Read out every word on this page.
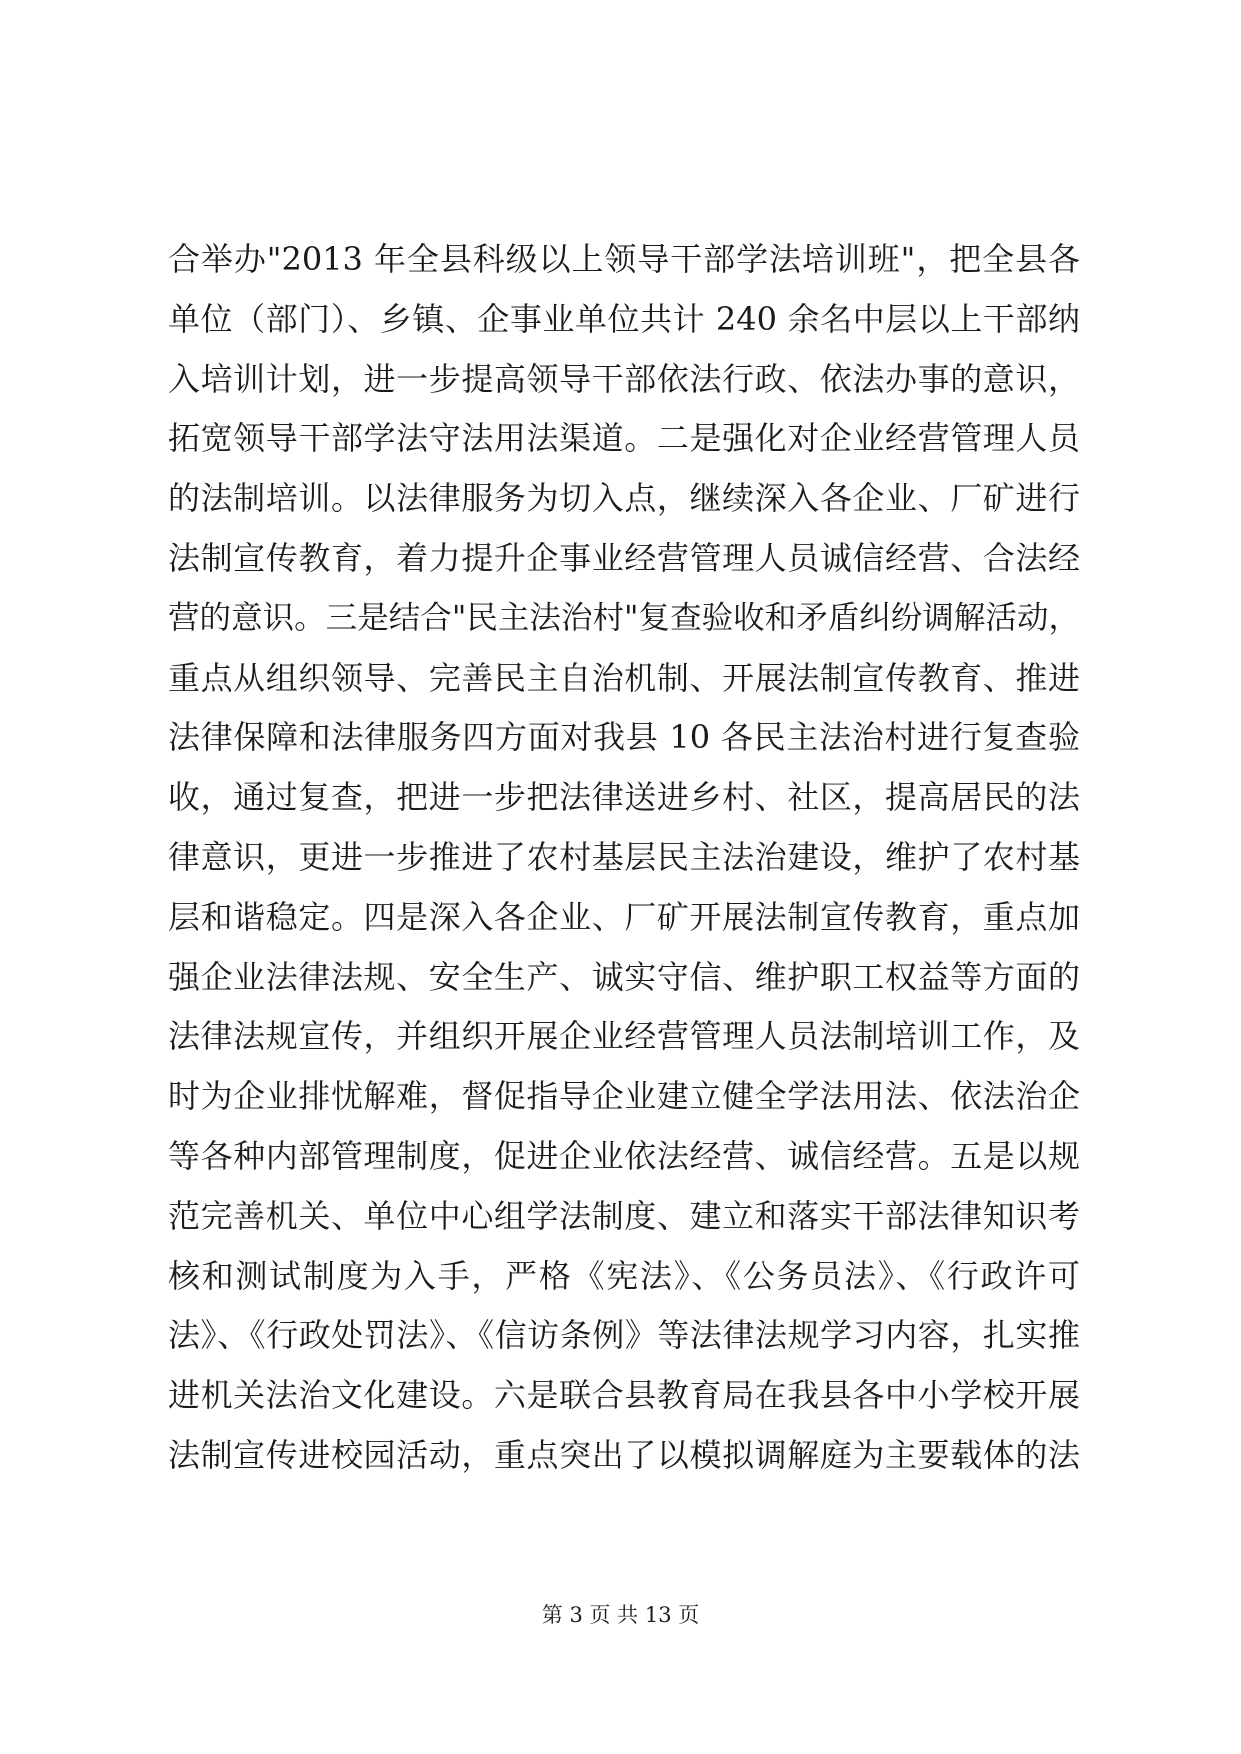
合举办"2013 年全县科级以上领导干部学法培训班"，把全县各
单位（部门）、乡镇、企事业单位共计 240 余名中层以上干部纳
入培训计划，进一步提高领导干部依法行政、依法办事的意识，
拓宽领导干部学法守法用法渠道。二是强化对企业经营管理人员
的法制培训。以法律服务为切入点，继续深入各企业、厂矿进行
法制宣传教育，着力提升企事业经营管理人员诚信经营、合法经
营的意识。三是结合"民主法治村"复查验收和矛盾纠纷调解活动，
重点从组织领导、完善民主自治机制、开展法制宣传教育、推进
法律保障和法律服务四方面对我县 10 各民主法治村进行复查验
收，通过复查，把进一步把法律送进乡村、社区，提高居民的法
律意识，更进一步推进了农村基层民主法治建设，维护了农村基
层和谐稳定。四是深入各企业、厂矿开展法制宣传教育，重点加
强企业法律法规、安全生产、诚实守信、维护职工权益等方面的
法律法规宣传，并组织开展企业经营管理人员法制培训工作，及
时为企业排忧解难，督促指导企业建立健全学法用法、依法治企
等各种内部管理制度，促进企业依法经营、诚信经营。五是以规
范完善机关、单位中心组学法制度、建立和落实干部法律知识考
核和测试制度为入手，严格《宪法》、《公务员法》、《行政许可
法》、《行政处罚法》、《信访条例》等法律法规学习内容，扎实推
进机关法治文化建设。六是联合县教育局在我县各中小学校开展
法制宣传进校园活动，重点突出了以模拟调解庭为主要载体的法
第 3 页 共 13 页
